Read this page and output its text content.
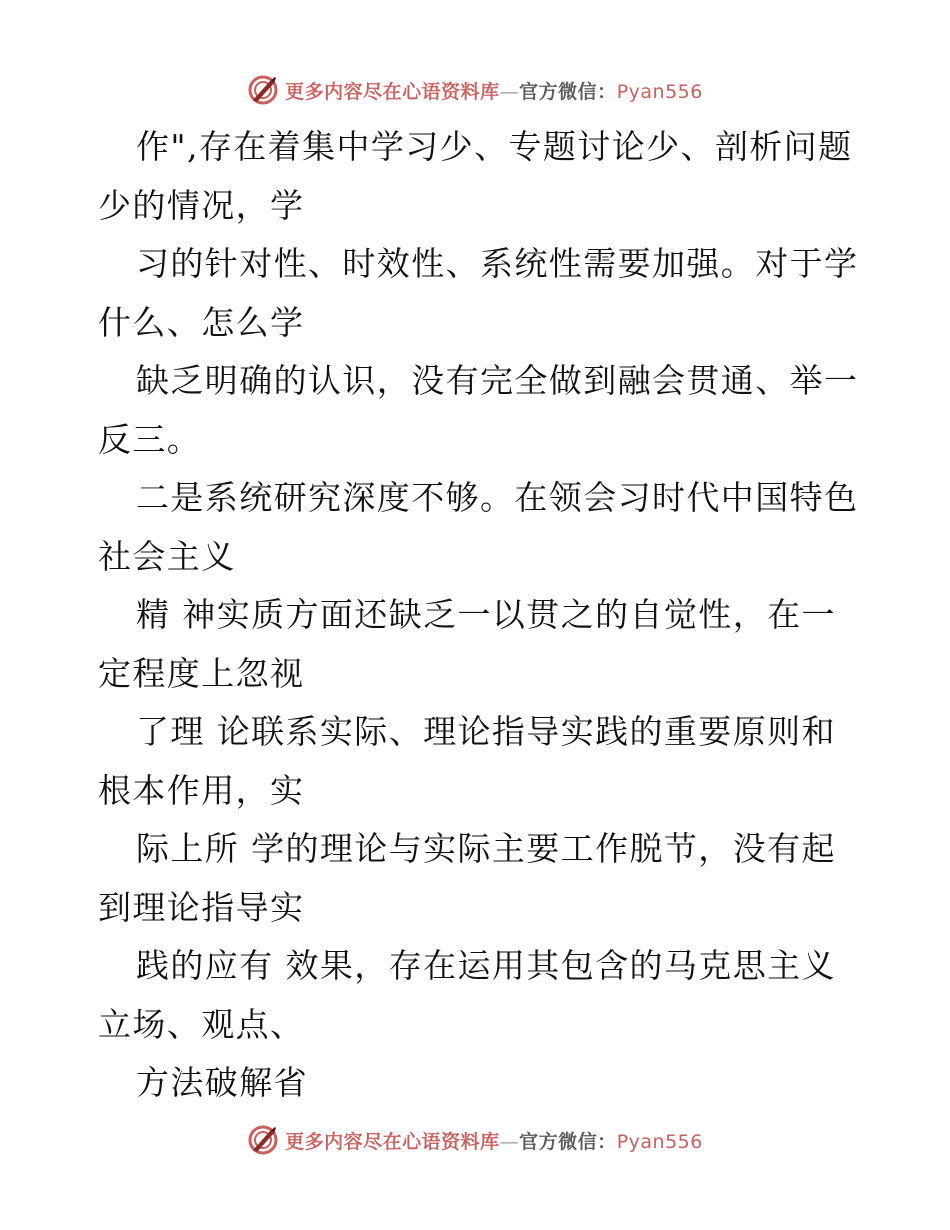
更多内容尽在心语资料库—官方微信：Pyan556
作",存在着集中学习少、专题讨论少、剖析问题
少的情况，学
习的针对性、时效性、系统性需要加强。对于学
什么、怎么学
缺乏明确的认识，没有完全做到融会贯通、举一
反三。
二是系统研究深度不够。在领会习时代中国特色
社会主义
精 神实质方面还缺乏一以贯之的自觉性，在一
定程度上忽视
了理 论联系实际、理论指导实践的重要原则和
根本作用，实
际上所 学的理论与实际主要工作脱节，没有起
到理论指导实
践的应有 效果，存在运用其包含的马克思主义
立场、观点、
方法破解省
更多内容尽在心语资料库—官方微信：Pyan556
